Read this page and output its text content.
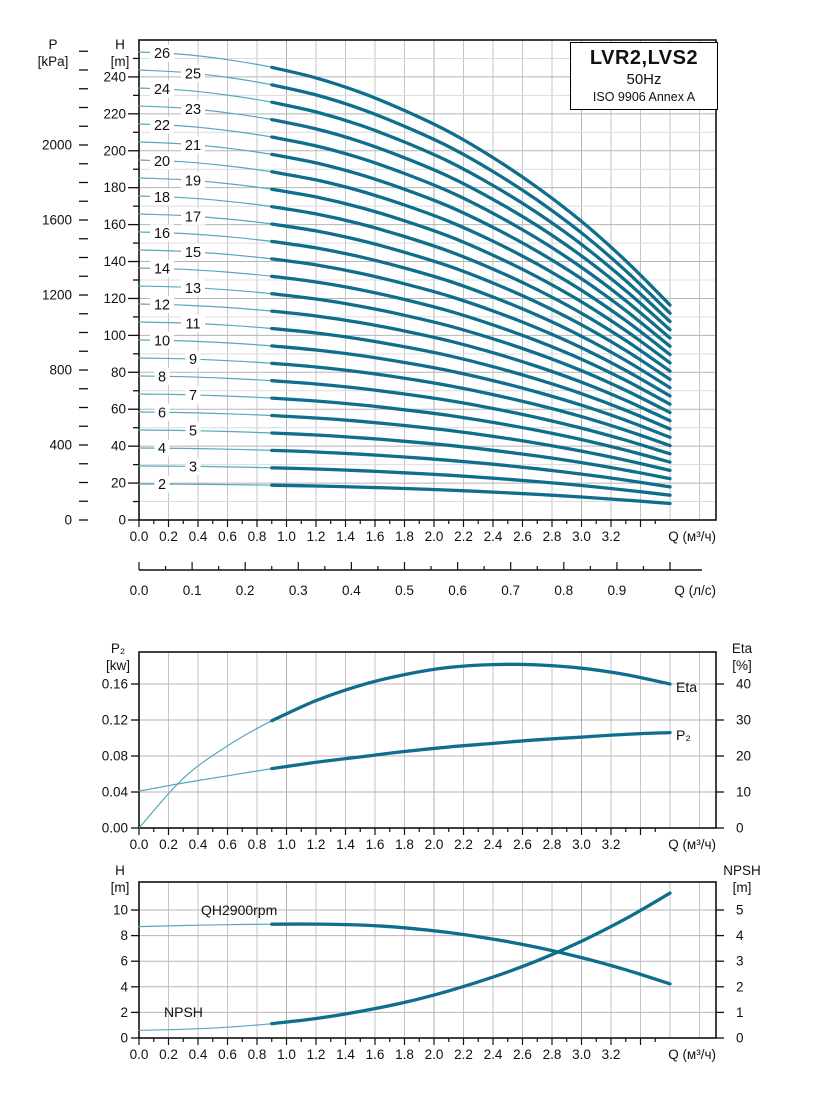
2
3
4
5
6
7
8
9
10
11
12
13
14
15
16
17
18
19
20
21
22
23
24
25
26
0
20
40
60
80
100
120
140
160
180
200
220
240
0
400
800
1200
1600
2000
0.0 0.2 0.4 0.6 0.8 1.0 1.2 1.4 1.6 1.8 2.0 2.2 2.4 2.6 2.8 3.0 3.2
0.0	0.1	0.2	0.3	0.4	0.5	0.6	0.7	0.8	0.9
0.00
0.04
0.08
0.12
0.16
0
10
20
30
40
0.0 0.2 0.4 0.6 0.8 1.0 1.2 1.4 1.6 1.8 2.0 2.2 2.4 2.6 2.8 3.0 3.2
0
2
4
6
8
10
0
1
2
3
4
5
0.0 0.2 0.4 0.6 0.8 1.0 1.2 1.4 1.6 1.8 2.0 2.2 2.4 2.6 2.8 3.0 3.2
P
[kPa]
H
[m]	LVR2,LVS2
50Hz
ISO 9906 Annex A
Q (м³/ч)
Q (л/с)
P₂
[kw]
Eta
[%]
Eta
P₂
Q (м³/ч)
H
[m]
NPSH
[m]
QH2900rpm
NPSH
Q (м³/ч)
